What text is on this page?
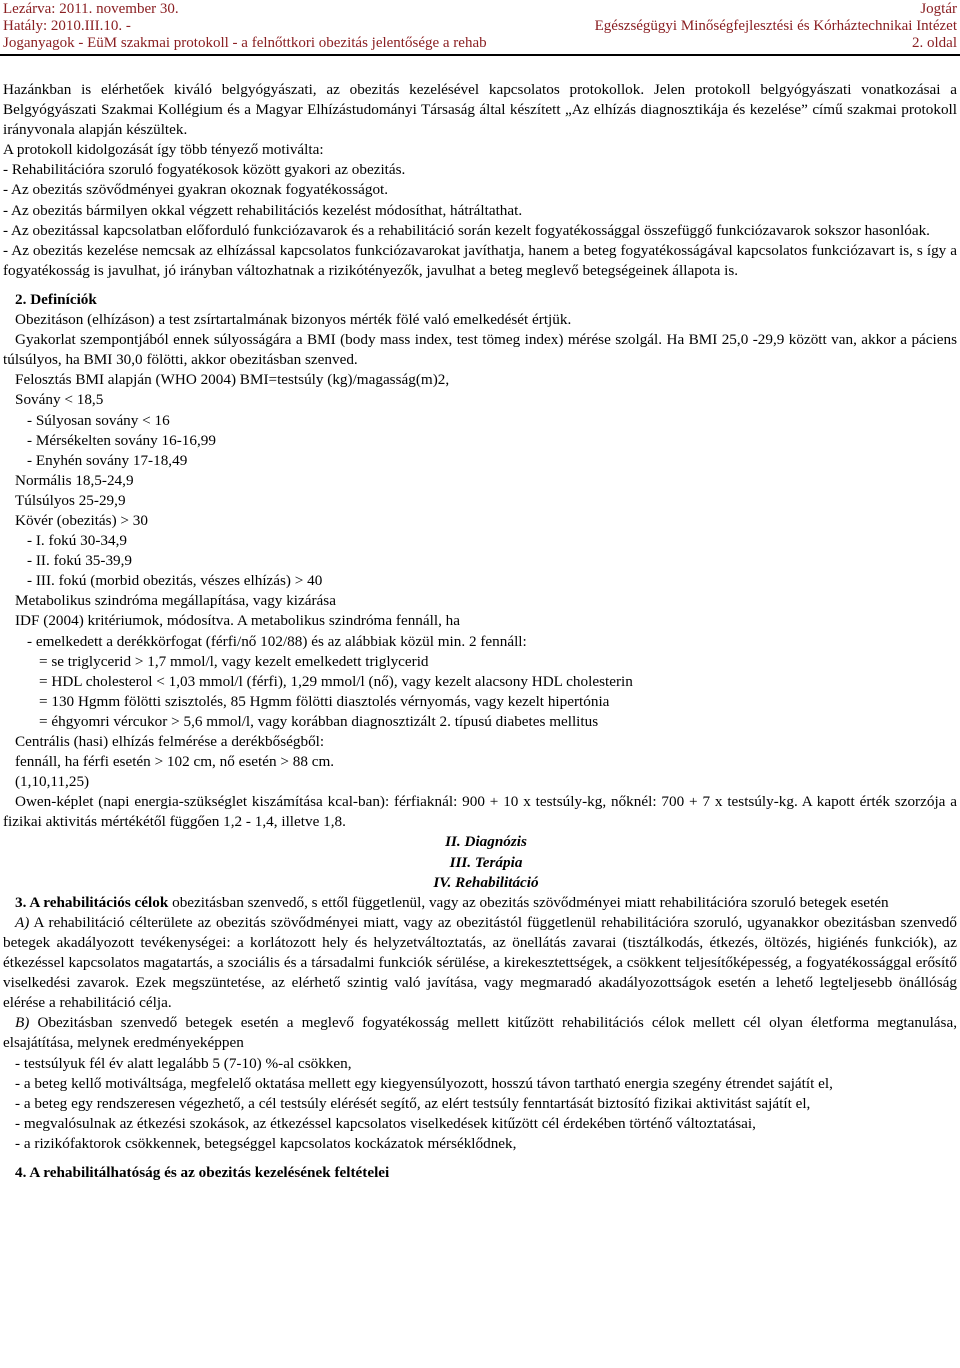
Lezárva: 2011. november 30.	Jogtár
Hatály: 2010.III.10. -	Egészségügyi Minőségfejlesztési és Kórháztechnikai Intézet
Joganyagok - EüM szakmai protokoll - a felnőttkori obezitás jelentősége a rehab	2. oldal

Hazánkban is elérhetőek kiváló belgyógyászati, az obezitás kezelésével kapcsolatos protokollok. Jelen protokoll belgyógyászati vonatkozásai a Belgyógyászati Szakmai Kollégium és a Magyar Elhízástudományi Társaság által készített „Az elhízás diagnosztikája és kezelése” című szakmai protokoll irányvonala alapján készültek.

A protokoll kidolgozását így több tényező motiválta:

- Rehabilitációra szoruló fogyatékosok között gyakori az obezitás.

- Az obezitás szövődményei gyakran okoznak fogyatékosságot.

- Az obezitás bármilyen okkal végzett rehabilitációs kezelést módosíthat, hátráltathat.

- Az obezitással kapcsolatban előforduló funkciózavarok és a rehabilitáció során kezelt fogyatékossággal összefüggő funkciózavarok sokszor hasonlóak.

- Az obezitás kezelése nemcsak az elhízással kapcsolatos funkciózavarokat javíthatja, hanem a beteg fogyatékosságával kapcsolatos funkciózavart is, s így a fogyatékosság is javulhat, jó irányban változhatnak a rizikótényezők, javulhat a beteg meglevő betegségeinek állapota is.

2. Definíciók

Obezitáson (elhízáson) a test zsírtartalmának bizonyos mérték fölé való emelkedését értjük.

Gyakorlat szempontjából ennek súlyosságára a BMI (body mass index, test tömeg index) mérése szolgál. Ha BMI 25,0 -29,9 között van, akkor a páciens túlsúlyos, ha BMI 30,0 fölötti, akkor obezitásban szenved.

Felosztás BMI alapján (WHO 2004) BMI=testsúly (kg)/magasság(m)2,

Sovány < 18,5

- Súlyosan sovány < 16

- Mérsékelten sovány 16-16,99

- Enyhén sovány 17-18,49

Normális 18,5-24,9

Túlsúlyos 25-29,9

Kövér (obezitás) > 30

- I. fokú 30-34,9

- II. fokú 35-39,9

- III. fokú (morbid obezitás, vészes elhízás) > 40

Metabolikus szindróma megállapítása, vagy kizárása

IDF (2004) kritériumok, módosítva. A metabolikus szindróma fennáll, ha

- emelkedett a derékkörfogat (férfi/nő 102/88) és az alábbiak közül min. 2 fennáll:

= se triglycerid > 1,7 mmol/l, vagy kezelt emelkedett triglycerid

= HDL cholesterol < 1,03 mmol/l (férfi), 1,29 mmol/l (nő), vagy kezelt alacsony HDL cholesterin

= 130 Hgmm fölötti szisztolés, 85 Hgmm fölötti diasztolés vérnyomás, vagy kezelt hipertónia

= éhgyomri vércukor > 5,6 mmol/l, vagy korábban diagnosztizált 2. típusú diabetes mellitus

Centrális (hasi) elhízás felmérése a derékbőségből:

fennáll, ha férfi esetén > 102 cm, nő esetén > 88 cm.

(1,10,11,25)

Owen-képlet (napi energia-szükséglet kiszámítása kcal-ban): férfiaknál: 900 + 10 x testsúly-kg, nőknél: 700 + 7 x testsúly-kg. A kapott érték szorzója a fizikai aktivitás mértékétől függően 1,2 - 1,4, illetve 1,8.

II. Diagnózis

III. Terápia

IV. Rehabilitáció

3. A rehabilitációs célok obezitásban szenvedő, s ettől függetlenül, vagy az obezitás szövődményei miatt rehabilitációra szoruló betegek esetén

A) A rehabilitáció célterülete az obezitás szövődményei miatt, vagy az obezitástól függetlenül rehabilitációra szoruló, ugyanakkor obezitásban szenvedő betegek akadályozott tevékenységei: a korlátozott hely és helyzetváltoztatás, az önellátás zavarai (tisztálkodás, étkezés, öltözés, higiénés funkciók), az étkezéssel kapcsolatos magatartás, a szociális és a társadalmi funkciók sérülése, a kirekesztettségek, a csökkent teljesítőképesség, a fogyatékossággal erősítő viselkedési zavarok. Ezek megszüntetése, az elérhető szintig való javítása, vagy megmaradó akadályozottságok esetén a lehető legteljesebb önállóság elérése a rehabilitáció célja.

B) Obezitásban szenvedő betegek esetén a meglevő fogyatékosság mellett kitűzött rehabilitációs célok mellett cél olyan életforma megtanulása, elsajátítása, melynek eredményeképpen

- testsúlyuk fél év alatt legalább 5 (7-10) %-al csökken,

- a beteg kellő motiváltsága, megfelelő oktatása mellett egy kiegyensúlyozott, hosszú távon tartható energia szegény étrendet sajátít el,

- a beteg egy rendszeresen végezhető, a cél testsúly elérését segítő, az elért testsúly fenntartását biztosító fizikai aktivitást sajátít el,

- megvalósulnak az étkezési szokások, az étkezéssel kapcsolatos viselkedések kitűzött cél érdekében történő változtatásai,

- a rizikófaktorok csökkennek, betegséggel kapcsolatos kockázatok mérséklődnek,

4. A rehabilitálhatóság és az obezitás kezelésének feltételei
